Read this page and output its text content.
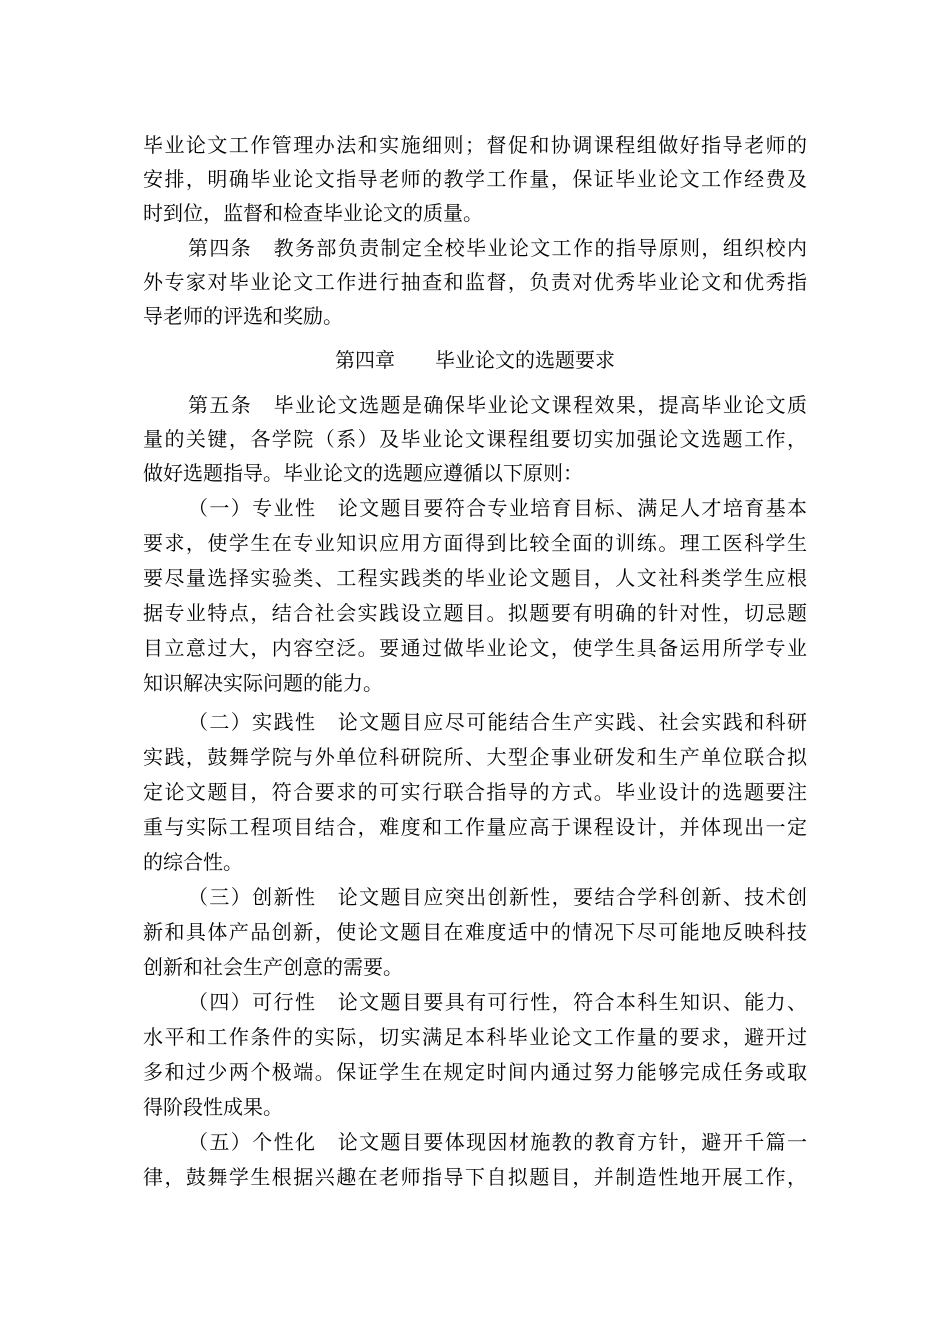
毕业论文工作管理办法和实施细则；督促和协调课程组做好指导老师的
安排，明确毕业论文指导老师的教学工作量，保证毕业论文工作经费及
时到位，监督和检查毕业论文的质量。
第四条　教务部负责制定全校毕业论文工作的指导原则，组织校内
外专家对毕业论文工作进行抽查和监督，负责对优秀毕业论文和优秀指
导老师的评选和奖励。
第四章　　毕业论文的选题要求
第五条　毕业论文选题是确保毕业论文课程效果，提高毕业论文质
量的关键，各学院（系）及毕业论文课程组要切实加强论文选题工作，
做好选题指导。毕业论文的选题应遵循以下原则：
（一）专业性　论文题目要符合专业培育目标、满足人才培育基本
要求，使学生在专业知识应用方面得到比较全面的训练。理工医科学生
要尽量选择实验类、工程实践类的毕业论文题目，人文社科类学生应根
据专业特点，结合社会实践设立题目。拟题要有明确的针对性，切忌题
目立意过大，内容空泛。要通过做毕业论文，使学生具备运用所学专业
知识解决实际问题的能力。
（二）实践性　论文题目应尽可能结合生产实践、社会实践和科研
实践，鼓舞学院与外单位科研院所、大型企事业研发和生产单位联合拟
定论文题目，符合要求的可实行联合指导的方式。毕业设计的选题要注
重与实际工程项目结合，难度和工作量应高于课程设计，并体现出一定
的综合性。
（三）创新性　论文题目应突出创新性，要结合学科创新、技术创
新和具体产品创新，使论文题目在难度适中的情况下尽可能地反映科技
创新和社会生产创意的需要。
（四）可行性　论文题目要具有可行性，符合本科生知识、能力、
水平和工作条件的实际，切实满足本科毕业论文工作量的要求，避开过
多和过少两个极端。保证学生在规定时间内通过努力能够完成任务或取
得阶段性成果。
（五）个性化　论文题目要体现因材施教的教育方针，避开千篇一
律，鼓舞学生根据兴趣在老师指导下自拟题目，并制造性地开展工作，
